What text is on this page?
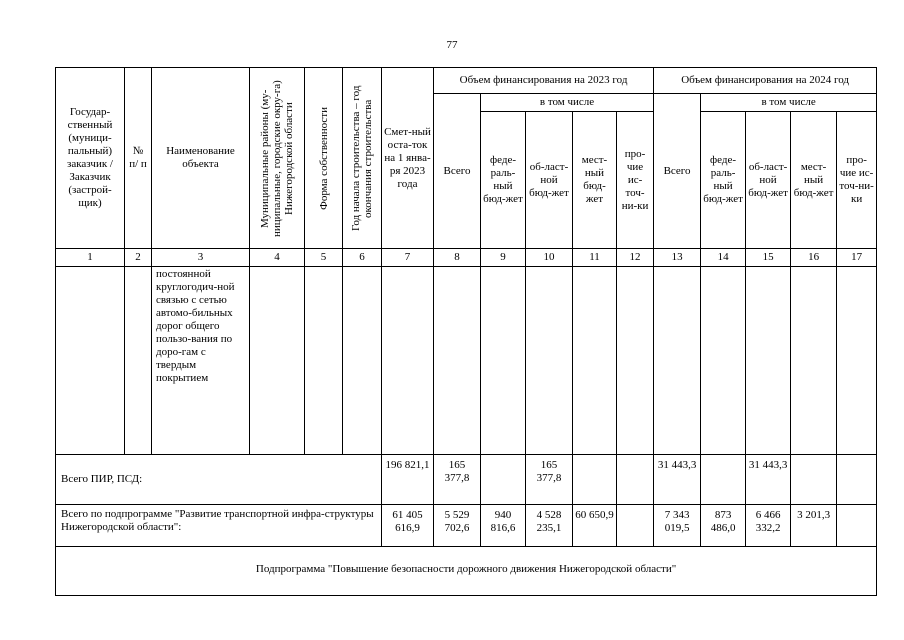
77
Государ-ственный (муници-пальный) заказчик / Заказчик (застрой-щик)	№ п/ п	Наименование объекта	Муниципальные районы (му-ниципальные, городские окру-га) Нижегородской области	Форма собственности	Год начала строительства – год окончания строительства	Смет-ный оста-ток на 1 янва-ря 2023 года	Объем финансирования на 2023 год					Объем финансирования на 2024 год				
							Всего	в том числе				Всего	в том числе			
								феде-раль-ный бюд-жет	об-ласт-ной бюд-жет	мест-ный бюд-жет	про-чие ис-точ-ни-ки		феде-раль-ный бюд-жет	об-ласт-ной бюд-жет	мест-ный бюд-жет	про-чие ис-точ-ни-ки
1	2	3	4	5	6	7	8	9	10	11	12	13	14	15	16	17
		постоянной круглогодич-ной связью с сетью автомо-бильных дорог общего пользо-вания по доро-гам с твердым покрытием														
Всего ПИР, ПСД:						196 821,1	165 377,8		165 377,8			31 443,3		31 443,3		
Всего по подпрограмме "Развитие транспортной инфра-структуры Нижегородской области":						61 405 616,9	5 529 702,6	940 816,6	4 528 235,1	60 650,9		7 343 019,5	873 486,0	6 466 332,2	3 201,3	
Подпрограмма "Повышение безопасности дорожного движения Нижегородской области"																
